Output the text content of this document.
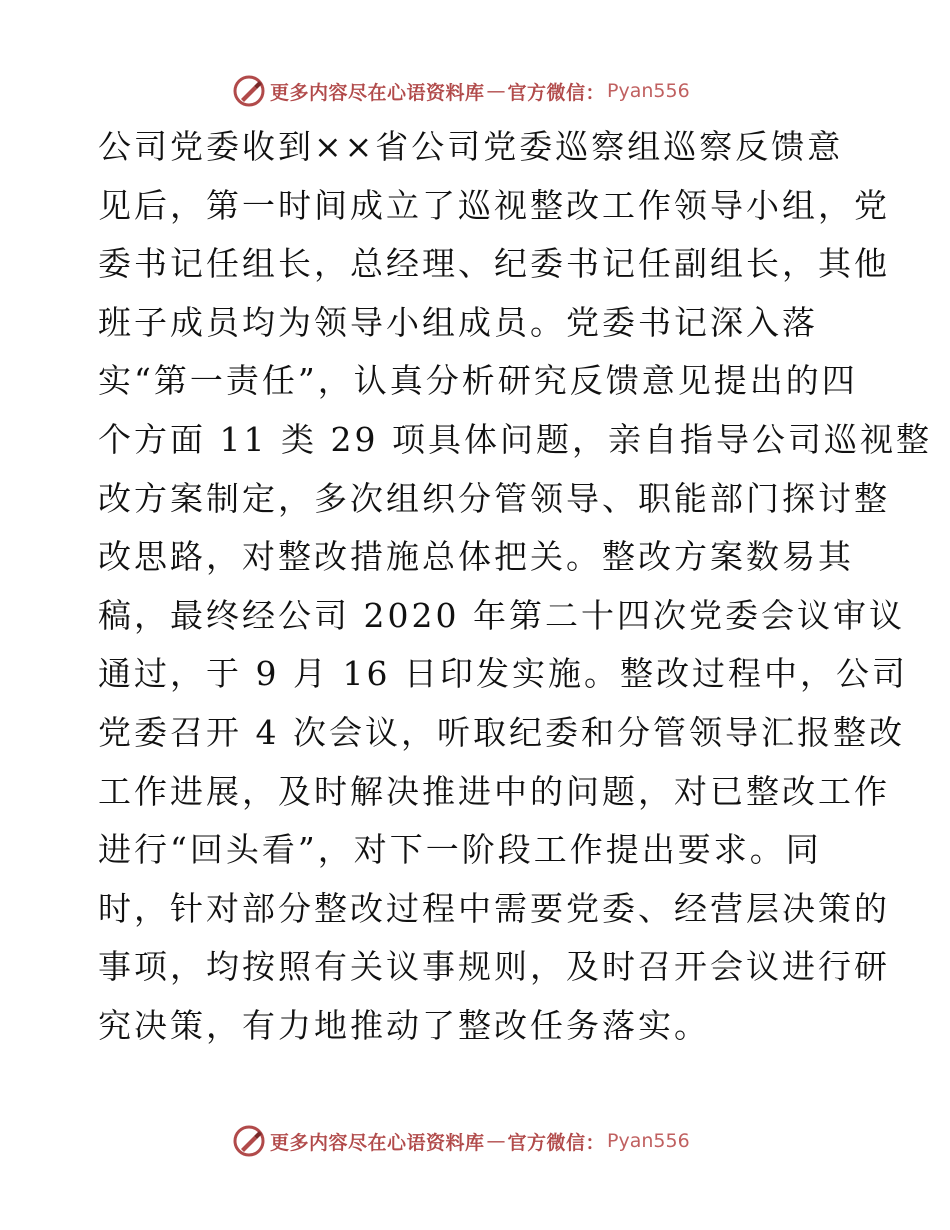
更多内容尽在心语资料库 — 官方微信： Pyan556
公司党委收到××省公司党委巡察组巡察反馈意
见后，第一时间成立了巡视整改工作领导小组，党
委书记任组长，总经理、纪委书记任副组长，其他
班子成员均为领导小组成员。党委书记深入落
实“第一责任”，认真分析研究反馈意见提出的四
个方面 11 类 29 项具体问题，亲自指导公司巡视整
改方案制定，多次组织分管领导、职能部门探讨整
改思路，对整改措施总体把关。整改方案数易其
稿，最终经公司 2020 年第二十四次党委会议审议
通过，于 9 月 16 日印发实施。整改过程中，公司
党委召开 4 次会议，听取纪委和分管领导汇报整改
工作进展，及时解决推进中的问题，对已整改工作
进行“回头看”，对下一阶段工作提出要求。同
时，针对部分整改过程中需要党委、经营层决策的
事项，均按照有关议事规则，及时召开会议进行研
究决策，有力地推动了整改任务落实。
更多内容尽在心语资料库 — 官方微信： Pyan556
